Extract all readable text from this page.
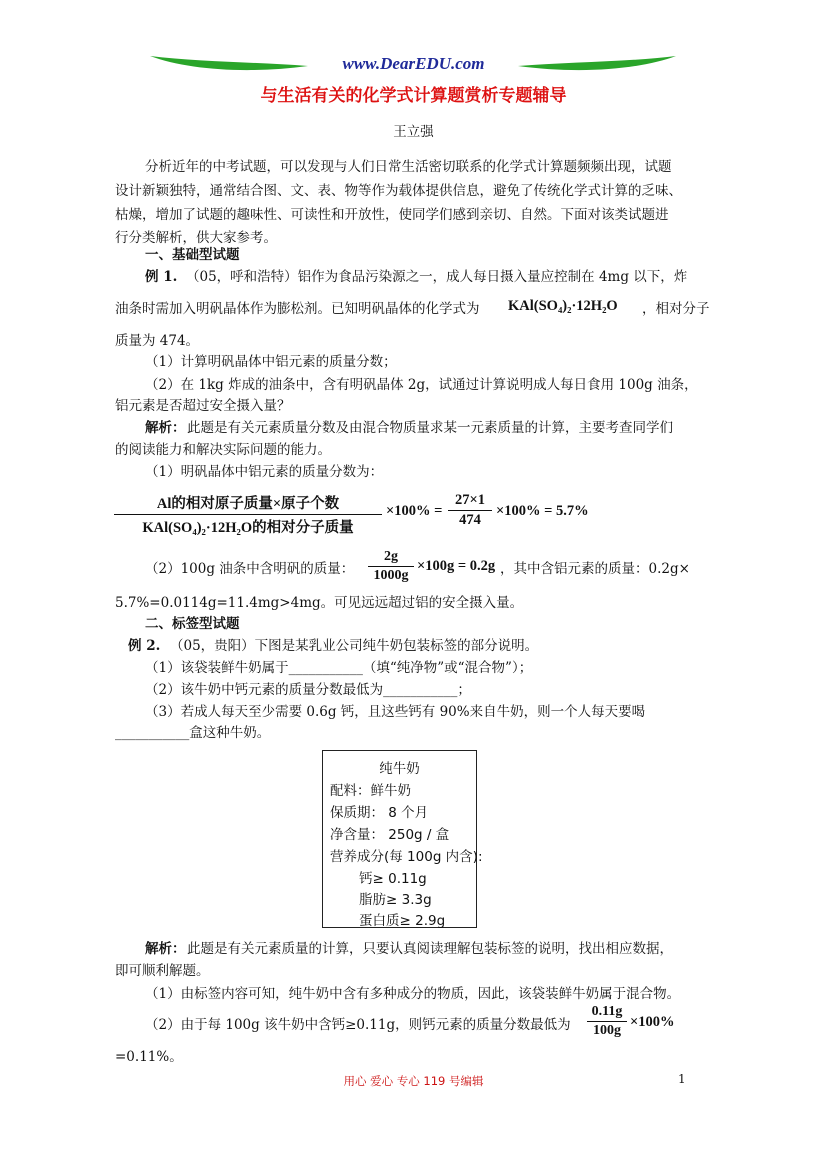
www.DearEDU.com
与生活有关的化学式计算题赏析专题辅导
王立强
分析近年的中考试题，可以发现与人们日常生活密切联系的化学式计算题频频出现，试题
设计新颖独特，通常结合图、文、表、物等作为载体提供信息，避免了传统化学式计算的乏味、
枯燥，增加了试题的趣味性、可读性和开放性，使同学们感到亲切、自然。下面对该类试题进
行分类解析，供大家参考。
一、基础型试题
例 1. （05，呼和浩特）铝作为食品污染源之一，成人每日摄入量应控制在 4mg 以下，炸
油条时需加入明矾晶体作为膨松剂。已知明矾晶体的化学式为 KAl(SO₄)₂·12H₂O ，相对分子
质量为 474。
（1）计算明矾晶体中铝元素的质量分数；
（2）在 1kg 炸成的油条中，含有明矾晶体 2g，试通过计算说明成人每日食用 100g 油条，
铝元素是否超过安全摄入量？
解析： 此题是有关元素质量分数及由混合物质量求某一元素质量的计算，主要考查同学们
的阅读能力和解决实际问题的能力。
（1）明矾晶体中铝元素的质量分数为：
Al的相对原子质量×原子个数
KAl(SO₄)₂·12H₂O的相对分子质量
$\times 100\% = \frac{27\times 1}{474} \times 100\% = 5.7\%$
（2）100g 油条中含明矾的质量： $\frac{2g}{1000g} \times 100g = 0.2g$ ，其中含铝元素的质量：0.2g×
5.7%=0.0114g=11.4mg>4mg。可见远远超过铝的安全摄入量。
二、标签型试题
例 2. （05，贵阳）下图是某乳业公司纯牛奶包装标签的部分说明。
（1）该袋装鲜牛奶属于___________（填“纯净物”或“混合物”）；
（2）该牛奶中钙元素的质量分数最低为___________；
（3）若成人每天至少需要 0.6g 钙，且这些钙有 90%来自牛奶，则一个人每天要喝
___________盒这种牛奶。
纯牛奶
配料：鲜牛奶
保质期： 8 个月
净含量： 250g / 盒
营养成分(每 100g 内含):
钙≥ 0.11g
脂肪≥ 3.3g
蛋白质≥ 2.9g
解析： 此题是有关元素质量的计算，只要认真阅读理解包装标签的说明，找出相应数据，
即可顺利解题。
（1）由标签内容可知，纯牛奶中含有多种成分的物质，因此，该袋装鲜牛奶属于混合物。
（2）由于每 100g 该牛奶中含钙≥0.11g，则钙元素的质量分数最低为 $\frac{0.11g}{100g} \times 100\%$
=0.11%。
用心 爱心 专心 119 号编辑	1
